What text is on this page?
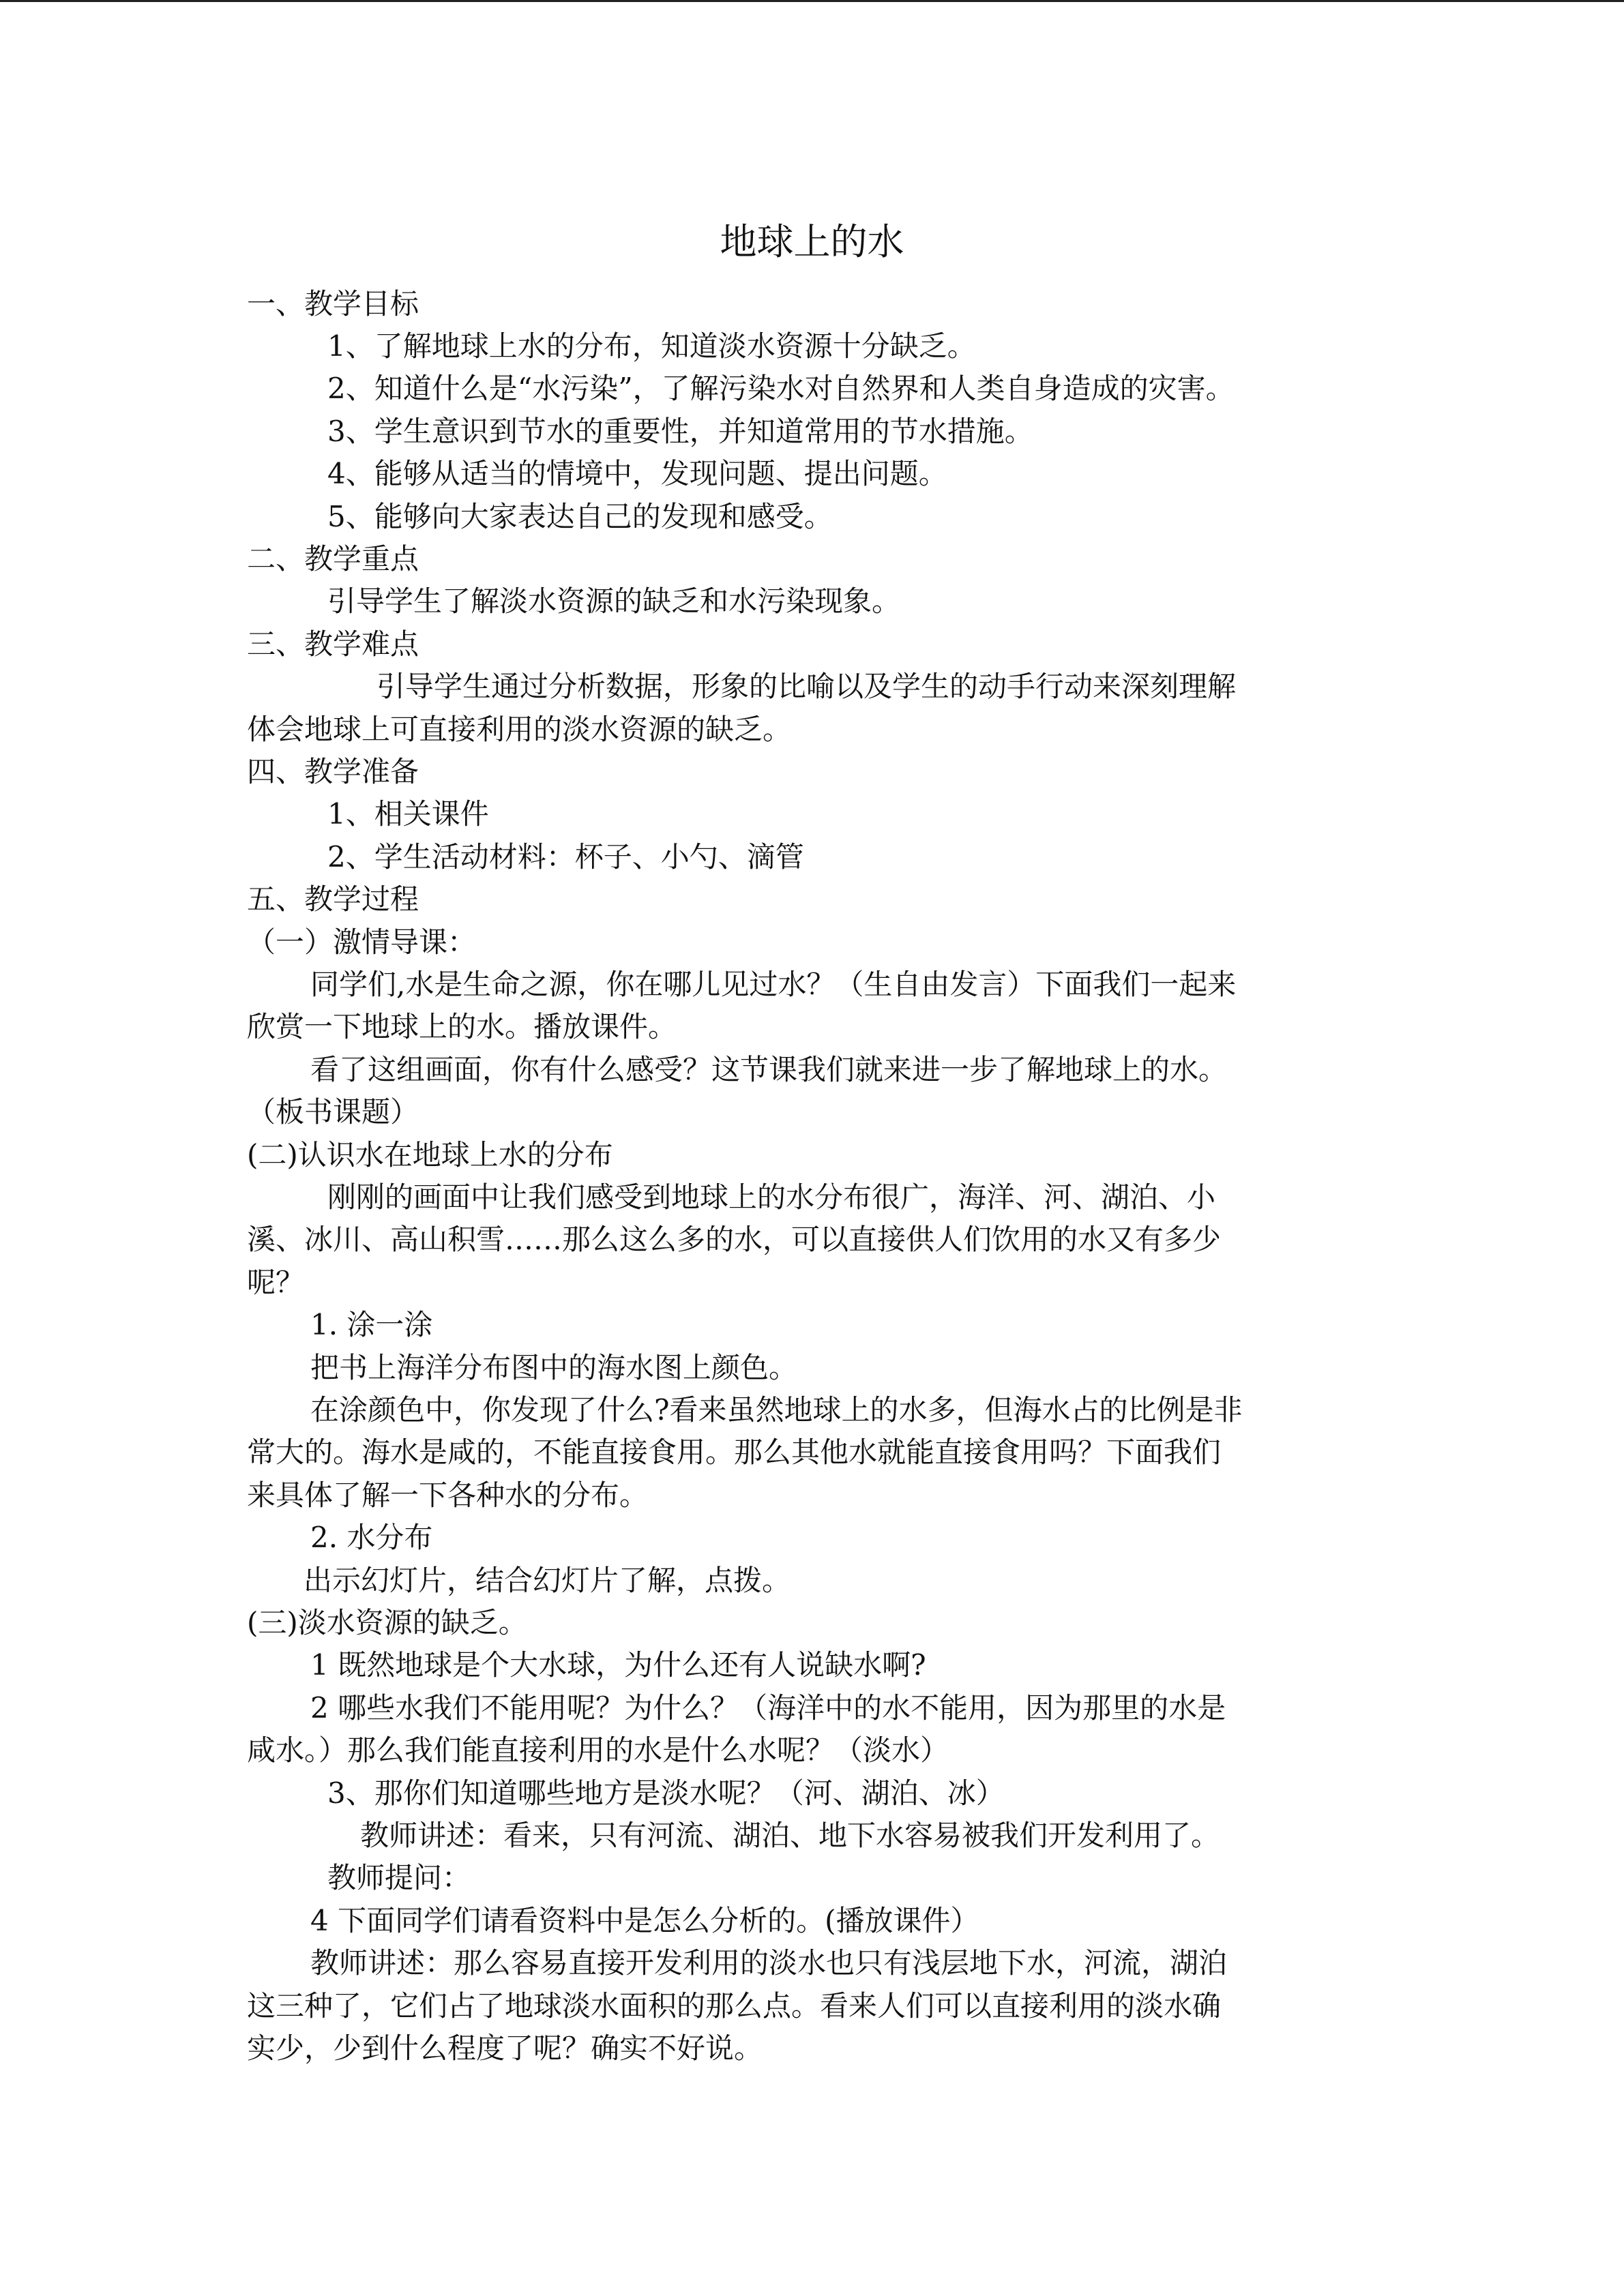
地球上的水
一、教学目标
1、了解地球上水的分布，知道淡水资源十分缺乏。
2、知道什么是“水污染”，了解污染水对自然界和人类自身造成的灾害。
3、学生意识到节水的重要性，并知道常用的节水措施。
4、能够从适当的情境中，发现问题、提出问题。
5、能够向大家表达自己的发现和感受。
二、教学重点
引导学生了解淡水资源的缺乏和水污染现象。
三、教学难点
引导学生通过分析数据，形象的比喻以及学生的动手行动来深刻理解
体会地球上可直接利用的淡水资源的缺乏。
四、教学准备
1、相关课件
2、学生活动材料：杯子、小勺、滴管
五、教学过程
（一）激情导课：
同学们,水是生命之源，你在哪儿见过水？（生自由发言）下面我们一起来
欣赏一下地球上的水。播放课件。
看了这组画面，你有什么感受？这节课我们就来进一步了解地球上的水。
（板书课题）
(二)认识水在地球上水的分布
刚刚的画面中让我们感受到地球上的水分布很广，海洋、河、湖泊、小
溪、冰川、高山积雪……那么这么多的水，可以直接供人们饮用的水又有多少
呢？
1. 涂一涂
把书上海洋分布图中的海水图上颜色。
在涂颜色中，你发现了什么?看来虽然地球上的水多，但海水占的比例是非
常大的。海水是咸的，不能直接食用。那么其他水就能直接食用吗？下面我们
来具体了解一下各种水的分布。
2. 水分布
出示幻灯片，结合幻灯片了解，点拨。
(三)淡水资源的缺乏。
1 既然地球是个大水球，为什么还有人说缺水啊?
2 哪些水我们不能用呢？为什么？（海洋中的水不能用，因为那里的水是
咸水。）那么我们能直接利用的水是什么水呢？（淡水）
3、那你们知道哪些地方是淡水呢？（河、湖泊、冰）
教师讲述：看来，只有河流、湖泊、地下水容易被我们开发利用了。
教师提问：
4 下面同学们请看资料中是怎么分析的。(播放课件）
教师讲述：那么容易直接开发利用的淡水也只有浅层地下水，河流，湖泊
这三种了，它们占了地球淡水面积的那么点。看来人们可以直接利用的淡水确
实少，少到什么程度了呢？确实不好说。
